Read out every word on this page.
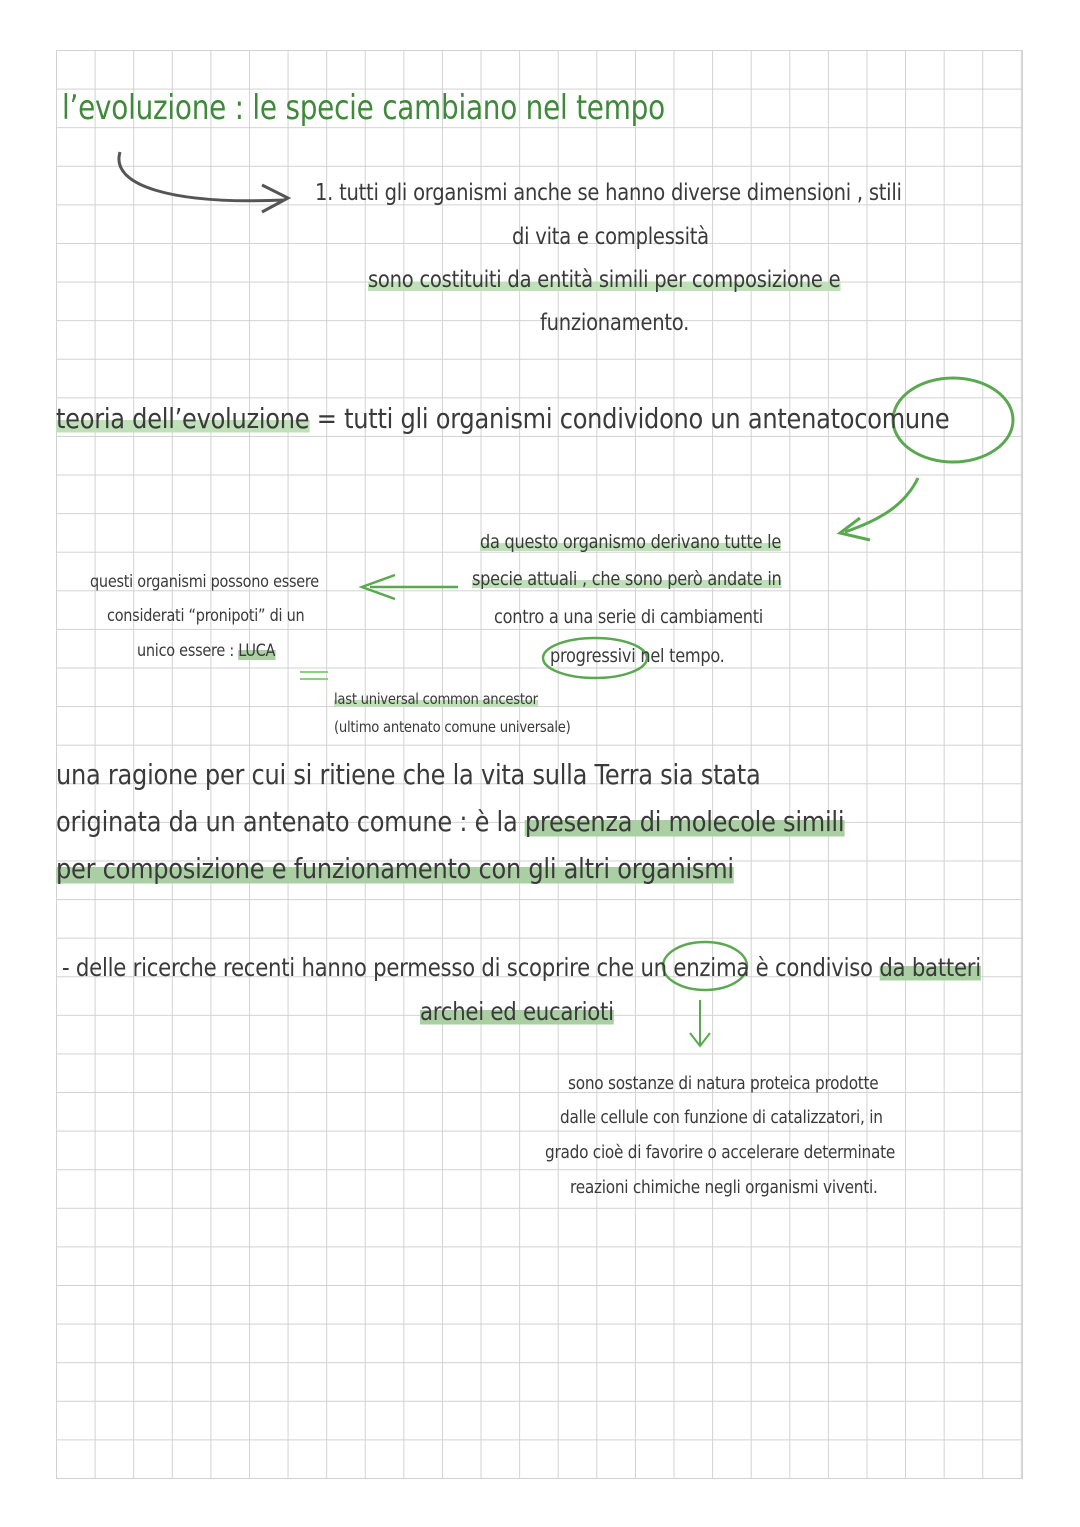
l’evoluzione : le specie cambiano nel tempo
1. tutti gli organismi anche se hanno diverse dimensioni , stili
di vita e complessità
sono costituiti da entità simili per composizione e
funzionamento.
teoria dell’evoluzione = tutti gli organismi condividono un antenatocomune
da questo organismo derivano tutte le
specie attuali , che sono però andate in
contro a una serie di cambiamenti
progressivi nel tempo.
questi organismi possono essere
considerati “pronipoti” di un
unico essere : LUCA
last universal common ancestor
(ultimo antenato comune universale)
una ragione per cui si ritiene che la vita sulla Terra sia stata
originata da un antenato comune : è la presenza di molecole simili
per composizione e funzionamento con gli altri organismi
- delle ricerche recenti hanno permesso di scoprire che un enzima è condiviso da batteri
archei ed eucarioti
sono sostanze di natura proteica prodotte
dalle cellule con funzione di catalizzatori, in
grado cioè di favorire o accelerare determinate
reazioni chimiche negli organismi viventi.
